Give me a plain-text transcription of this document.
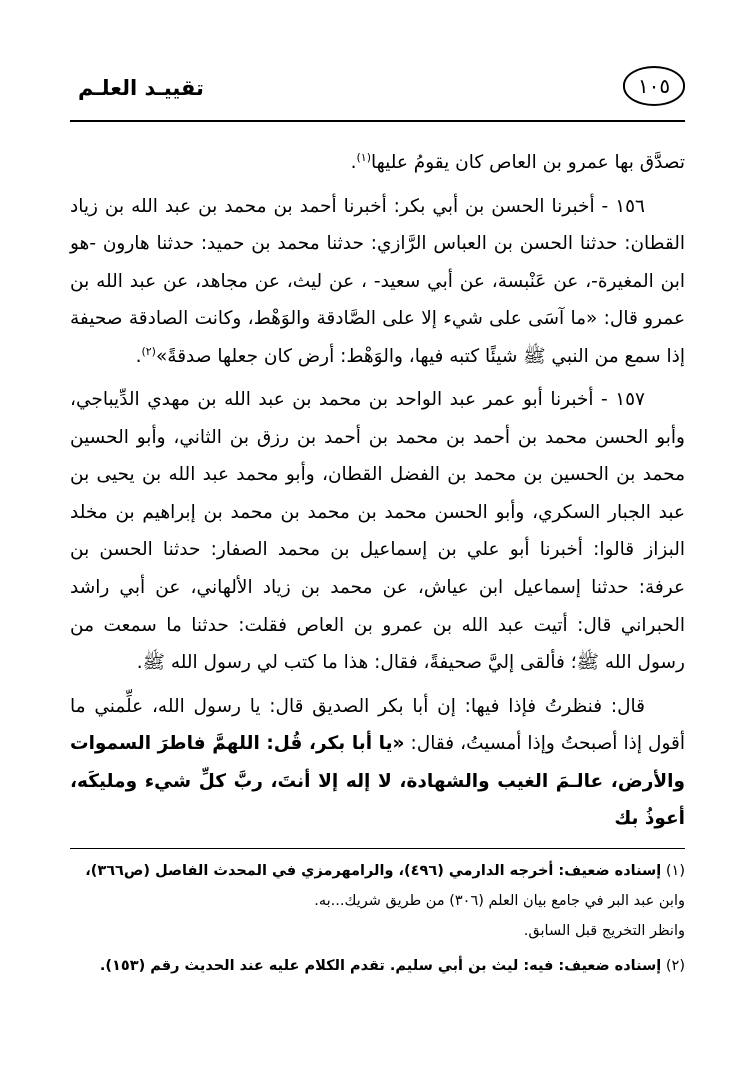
تقييـد العلـم	١٠٥

تصدَّق بها عمرو بن العاص كان يقومُ عليها$^{(١)}$.

١٥٦ - أخبرنا الحسن بن أبي بكر: أخبرنا أحمد بن محمد بن عبد الله بن زياد القطان: حدثنا الحسن بن العباس الرَّازي: حدثنا محمد بن حميد: حدثنا هارون -هو ابن المغيرة-، عن عَنْبسة، عن أبي سعيد- ، عن ليث، عن مجاهد، عن عبد الله بن عمرو قال: «ما آسَى على شيء إلا على الصَّادقة والوَهْط، وكانت الصادقة صحيفة إذا سمع من النبي ﷺ شيئًا كتبه فيها، والوَهْط: أرض كان جعلها صدقةً»$^{(٢)}$.

١٥٧ - أخبرنا أبو عمر عبد الواحد بن محمد بن عبد الله بن مهدي الدِّيباجي، وأبو الحسن محمد بن أحمد بن محمد بن أحمد بن رزق بن الثاني، وأبو الحسين محمد بن الحسين بن محمد بن الفضل القطان، وأبو محمد عبد الله بن يحيى بن عبد الجبار السكري، وأبو الحسن محمد بن محمد بن محمد بن إبراهيم بن مخلد البزاز قالوا: أخبرنا أبو علي بن إسماعيل بن محمد الصفار: حدثنا الحسن بن عرفة: حدثنا إسماعيل ابن عياش، عن محمد بن زياد الألهاني، عن أبي راشد الحبراني قال: أتيت عبد الله بن عمرو بن العاص فقلت: حدثنا ما سمعت من رسول الله ﷺ؛ فألقى إليَّ صحيفةً، فقال: هذا ما كتب لي رسول الله ﷺ.

قال: فنظرتُ فإذا فيها: إن أبا بكر الصديق قال: يا رسول الله، علِّمني ما أقول إذا أصبحتُ وإذا أمسيتُ، فقال: «يا أبا بكر، قُل: اللهمَّ فاطرَ السموات والأرض، عالـمَ الغيب والشهادة، لا إله إلا أنتَ، ربَّ كلِّ شيء ومليكَه، أعوذُ بك

(١) إسناده ضعيف: أخرجه الدارمي (٤٩٦)، والرامهرمزي في المحدث الفاصل (ص٣٦٦)،
وابن عبد البر في جامع بيان العلم (٣٠٦) من طريق شريك...به.
وانظر التخريج قبل السابق.
(٢) إسناده ضعيف: فيه: ليث بن أبي سليم. تقدم الكلام عليه عند الحديث رقم (١٥٣).
